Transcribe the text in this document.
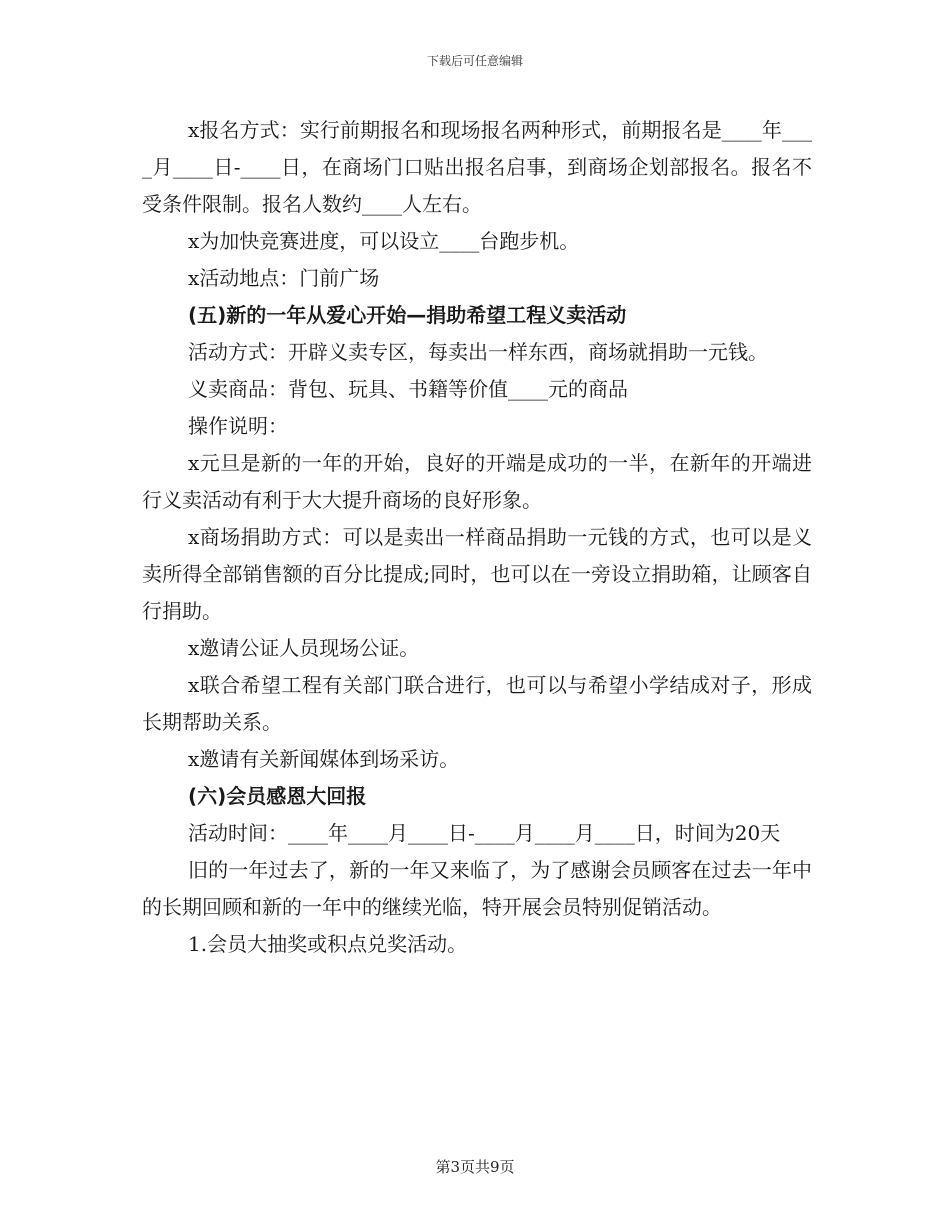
下载后可任意编辑

x报名方式：实行前期报名和现场报名两种形式，前期报名是____年____月____日-____日，在商场门口贴出报名启事，到商场企划部报名。报名不受条件限制。报名人数约____人左右。

x为加快竞赛进度，可以设立____台跑步机。

x活动地点：门前广场

(五)新的一年从爱心开始—捐助希望工程义卖活动

活动方式：开辟义卖专区，每卖出一样东西，商场就捐助一元钱。

义卖商品：背包、玩具、书籍等价值____元的商品

操作说明：

x元旦是新的一年的开始，良好的开端是成功的一半，在新年的开端进行义卖活动有利于大大提升商场的良好形象。

x商场捐助方式：可以是卖出一样商品捐助一元钱的方式，也可以是义卖所得全部销售额的百分比提成;同时，也可以在一旁设立捐助箱，让顾客自行捐助。

x邀请公证人员现场公证。

x联合希望工程有关部门联合进行，也可以与希望小学结成对子，形成长期帮助关系。

x邀请有关新闻媒体到场采访。

(六)会员感恩大回报

活动时间：____年____月____日-____月____月____日，时间为20天

旧的一年过去了，新的一年又来临了，为了感谢会员顾客在过去一年中的长期回顾和新的一年中的继续光临，特开展会员特别促销活动。

1.会员大抽奖或积点兑奖活动。

第3页共9页
